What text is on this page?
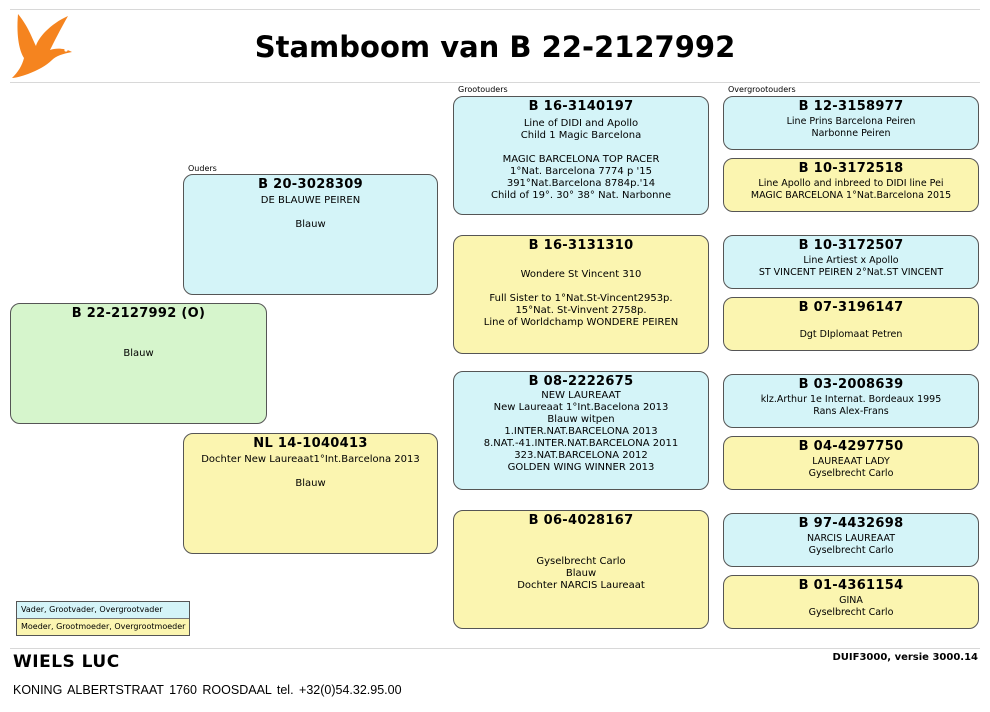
Stamboom van B 22-2127992
Ouders
Grootouders	Overgrootouders
B 22-2127992 (O)
Blauw
B 20-3028309
DE BLAUWE PEIREN
Blauw
NL 14-1040413
Dochter New Laureaat1°Int.Barcelona 2013
Blauw
B 16-3140197
Line of DIDI and Apollo
Child 1 Magic Barcelona
MAGIC BARCELONA TOP RACER
1°Nat. Barcelona 7774 p '15
391°Nat.Barcelona 8784p.'14
Child of 19°. 30° 38° Nat. Narbonne
B 16-3131310
Wondere St Vincent 310
Full Sister to 1°Nat.St-Vincent2953p.
15°Nat. St-Vinvent 2758p.
Line of Worldchamp WONDERE PEIREN
B 08-2222675
NEW LAUREAAT
New Laureaat 1°Int.Bacelona 2013
Blauw witpen
1.INTER.NAT.BARCELONA 2013
8.NAT.-41.INTER.NAT.BARCELONA 2011
323.NAT.BARCELONA 2012
GOLDEN WING WINNER 2013
B 06-4028167
Gyselbrecht Carlo
Blauw
Dochter NARCIS Laureaat
B 12-3158977
Line Prins Barcelona Peiren
Narbonne Peiren
B 10-3172518
Line Apollo and inbreed to DIDI line Pei
MAGIC BARCELONA 1°Nat.Barcelona 2015
B 10-3172507
Line Artiest x Apollo
ST VINCENT PEIREN 2°Nat.ST VINCENT
B 07-3196147
Dgt DIplomaat Petren
B 03-2008639
klz.Arthur 1e Internat. Bordeaux 1995
Rans Alex-Frans
B 04-4297750
LAUREAAT LADY
Gyselbrecht Carlo
B 97-4432698
NARCIS LAUREAAT
Gyselbrecht Carlo
B 01-4361154
GINA
Gyselbrecht Carlo
Vader, Grootvader, Overgrootvader
Moeder, Grootmoeder, Overgrootmoeder
WIELS LUC	DUIF3000, versie 3000.14
KONING ALBERTSTRAAT 1760 ROOSDAAL tel. +32(0)54.32.95.00
